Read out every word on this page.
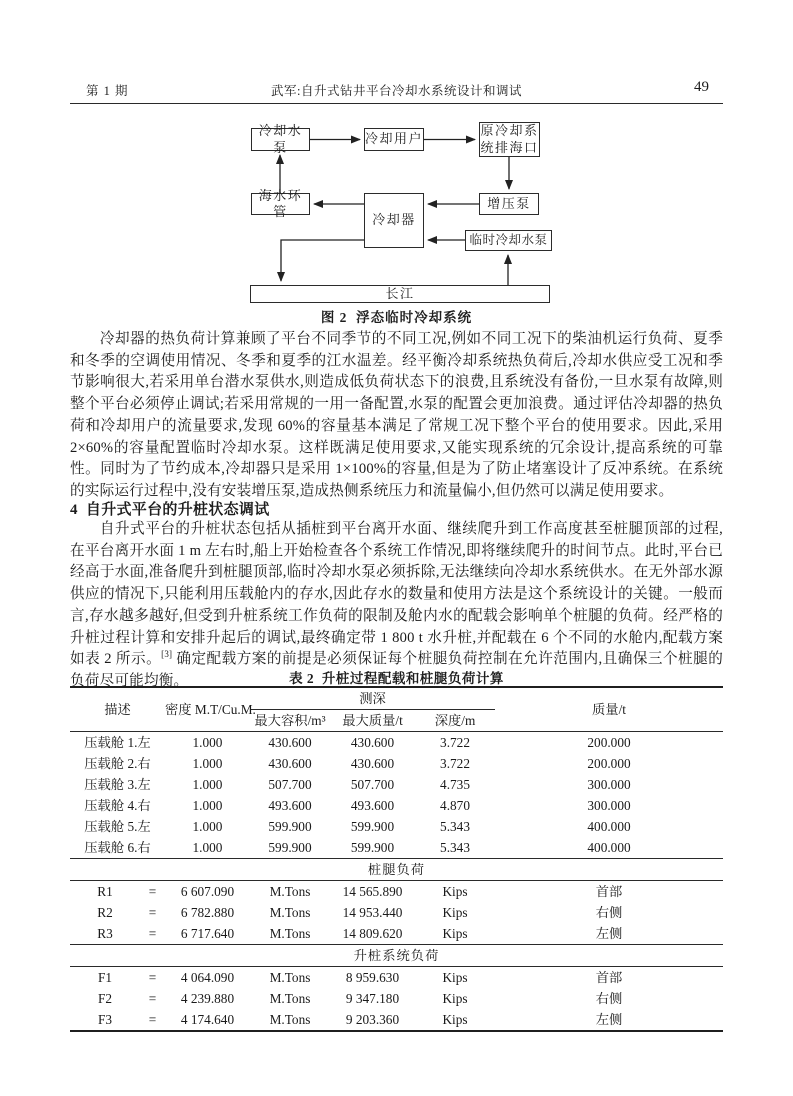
第 1 期	武军:自升式钻井平台冷却水系统设计和调试	49
冷却水泵
冷却用户
原冷却系
统排海口
海水环管
冷却器
增压泵
临时冷却水泵
长江
图 2  浮态临时冷却系统
冷却器的热负荷计算兼顾了平台不同季节的不同工况,例如不同工况下的柴油机运行负荷、夏季和冬季的空调使用情况、冬季和夏季的江水温差。经平衡冷却系统热负荷后,冷却水供应受工况和季节影响很大,若采用单台潜水泵供水,则造成低负荷状态下的浪费,且系统没有备份,一旦水泵有故障,则整个平台必须停止调试;若采用常规的一用一备配置,水泵的配置会更加浪费。通过评估冷却器的热负荷和冷却用户的流量要求,发现 60%的容量基本满足了常规工况下整个平台的使用要求。因此,采用 2×60%的容量配置临时冷却水泵。这样既满足使用要求,又能实现系统的冗余设计,提高系统的可靠性。同时为了节约成本,冷却器只是采用 1×100%的容量,但是为了防止堵塞设计了反冲系统。在系统的实际运行过程中,没有安装增压泵,造成热侧系统压力和流量偏小,但仍然可以满足使用要求。
4  自升式平台的升桩状态调试
自升式平台的升桩状态包括从插桩到平台离开水面、继续爬升到工作高度甚至桩腿顶部的过程,在平台离开水面 1 m 左右时,船上开始检查各个系统工作情况,即将继续爬升的时间节点。此时,平台已经高于水面,准备爬升到桩腿顶部,临时冷却水泵必须拆除,无法继续向冷却水系统供水。在无外部水源供应的情况下,只能利用压载舱内的存水,因此存水的数量和使用方法是这个系统设计的关键。一般而言,存水越多越好,但受到升桩系统工作负荷的限制及舱内水的配载会影响单个桩腿的负荷。经严格的升桩过程计算和安排升起后的调试,最终确定带 1 800 t 水升桩,并配载在 6 个不同的水舱内,配载方案如表 2 所示。[3] 确定配载方案的前提是必须保证每个桩腿负荷控制在允许范围内,且确保三个桩腿的负荷尽可能均衡。	表 2  升桩过程配载和桩腿负荷计算
描述		密度 M.T/Cu.M.	测深			质量/t
			最大容积/m³	最大质量/t	深度/m	
压载舱 1.左		1.000	430.600	430.600	3.722	200.000
压载舱 2.右		1.000	430.600	430.600	3.722	200.000
压载舱 3.左		1.000	507.700	507.700	4.735	300.000
压载舱 4.右		1.000	493.600	493.600	4.870	300.000
压载舱 5.左		1.000	599.900	599.900	5.343	400.000
压载舱 6.右		1.000	599.900	599.900	5.343	400.000
桩腿负荷						
R1	=	6 607.090	M.Tons	14 565.890	Kips	首部
R2	=	6 782.880	M.Tons	14 953.440	Kips	右侧
R3	=	6 717.640	M.Tons	14 809.620	Kips	左侧
升桩系统负荷						
F1	=	4 064.090	M.Tons	8 959.630	Kips	首部
F2	=	4 239.880	M.Tons	9 347.180	Kips	右侧
F3	=	4 174.640	M.Tons	9 203.360	Kips	左侧
